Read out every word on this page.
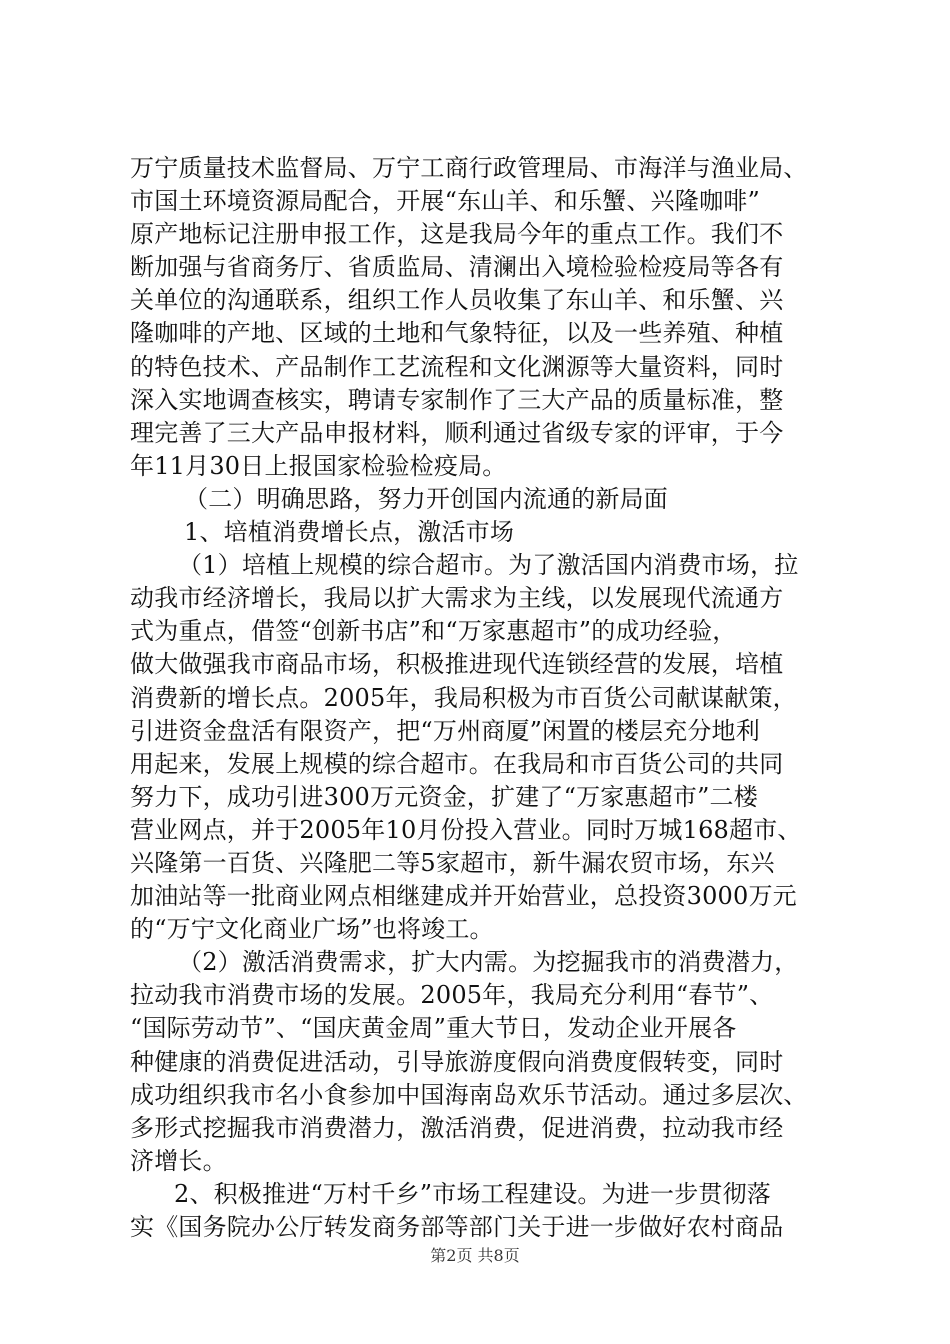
万宁质量技术监督局、万宁工商行政管理局、市海洋与渔业局、
市国土环境资源局配合，开展“东山羊、和乐蟹、兴隆咖啡”
原产地标记注册申报工作，这是我局今年的重点工作。我们不
断加强与省商务厅、省质监局、清澜出入境检验检疫局等各有
关单位的沟通联系，组织工作人员收集了东山羊、和乐蟹、兴
隆咖啡的产地、区域的土地和气象特征，以及一些养殖、种植
的特色技术、产品制作工艺流程和文化渊源等大量资料，同时
深入实地调查核实，聘请专家制作了三大产品的质量标准，整
理完善了三大产品申报材料，顺利通过省级专家的评审，于今
年11月30日上报国家检验检疫局。
（二）明确思路，努力开创国内流通的新局面
1、培植消费增长点，激活市场
（1）培植上规模的综合超市。为了激活国内消费市场，拉
动我市经济增长，我局以扩大需求为主线，以发展现代流通方
式为重点，借签“创新书店”和“万家惠超市”的成功经验，
做大做强我市商品市场，积极推进现代连锁经营的发展，培植
消费新的增长点。2005年，我局积极为市百货公司献谋献策，
引进资金盘活有限资产，把“万州商厦”闲置的楼层充分地利
用起来，发展上规模的综合超市。在我局和市百货公司的共同
努力下，成功引进300万元资金，扩建了“万家惠超市”二楼
营业网点，并于2005年10月份投入营业。同时万城168超市、
兴隆第一百货、兴隆肥二等5家超市，新牛漏农贸市场，东兴
加油站等一批商业网点相继建成并开始营业，总投资3000万元
的“万宁文化商业广场”也将竣工。
（2）激活消费需求，扩大内需。为挖掘我市的消费潜力，
拉动我市消费市场的发展。2005年，我局充分利用“春节”、
“国际劳动节”、“国庆黄金周”重大节日，发动企业开展各
种健康的消费促进活动，引导旅游度假向消费度假转变，同时
成功组织我市名小食参加中国海南岛欢乐节活动。通过多层次、
多形式挖掘我市消费潜力，激活消费，促进消费，拉动我市经
济增长。
2、积极推进“万村千乡”市场工程建设。为进一步贯彻落
实《国务院办公厅转发商务部等部门关于进一步做好农村商品
第2页 共8页
